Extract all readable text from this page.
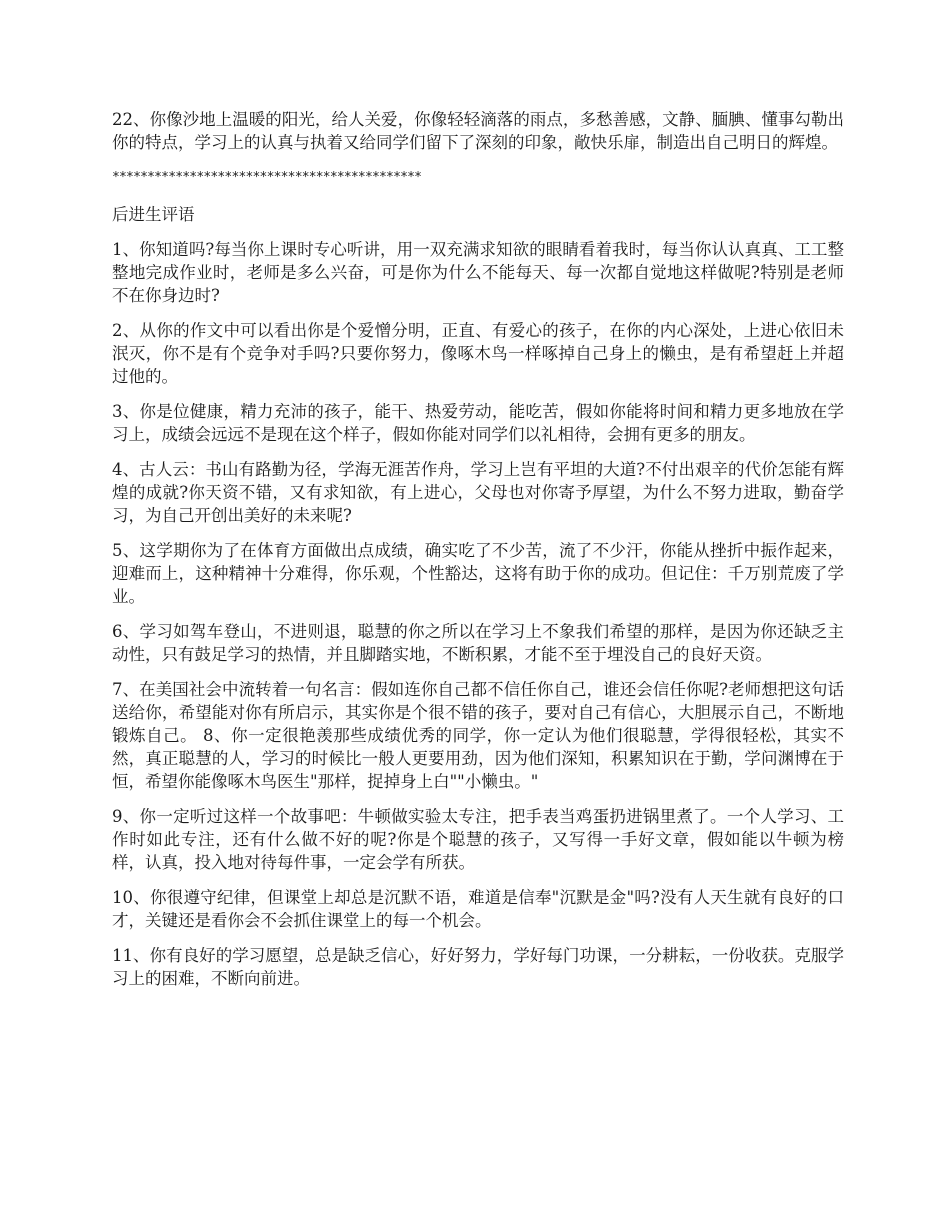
22、你像沙地上温暖的阳光，给人关爱，你像轻轻滴落的雨点，多愁善感，文静、腼腆、懂事勾勒出你的特点，学习上的认真与执着又给同学们留下了深刻的印象，敞快乐扉，制造出自己明日的辉煌。

********************************************

后进生评语

1、你知道吗?每当你上课时专心听讲，用一双充满求知欲的眼睛看着我时，每当你认认真真、工工整整地完成作业时，老师是多么兴奋，可是你为什么不能每天、每一次都自觉地这样做呢?特别是老师不在你身边时?

2、从你的作文中可以看出你是个爱憎分明，正直、有爱心的孩子，在你的内心深处，上进心依旧未泯灭，你不是有个竞争对手吗?只要你努力，像啄木鸟一样啄掉自己身上的懒虫，是有希望赶上并超过他的。

3、你是位健康，精力充沛的孩子，能干、热爱劳动，能吃苦，假如你能将时间和精力更多地放在学习上，成绩会远远不是现在这个样子，假如你能对同学们以礼相待，会拥有更多的朋友。

4、古人云：书山有路勤为径，学海无涯苦作舟，学习上岂有平坦的大道?不付出艰辛的代价怎能有辉煌的成就?你天资不错，又有求知欲，有上进心，父母也对你寄予厚望，为什么不努力进取，勤奋学习，为自己开创出美好的未来呢?

5、这学期你为了在体育方面做出点成绩，确实吃了不少苦，流了不少汗，你能从挫折中振作起来，迎难而上，这种精神十分难得，你乐观，个性豁达，这将有助于你的成功。但记住：千万别荒废了学业。

6、学习如驾车登山，不进则退，聪慧的你之所以在学习上不象我们希望的那样，是因为你还缺乏主动性，只有鼓足学习的热情，并且脚踏实地，不断积累，才能不至于埋没自己的良好天资。

7、在美国社会中流转着一句名言：假如连你自己都不信任你自己，谁还会信任你呢?老师想把这句话送给你，希望能对你有所启示，其实你是个很不错的孩子，要对自己有信心，大胆展示自己，不断地锻炼自己。 8、你一定很艳羡那些成绩优秀的同学，你一定认为他们很聪慧，学得很轻松，其实不然，真正聪慧的人，学习的时候比一般人更要用劲，因为他们深知，积累知识在于勤，学问渊博在于恒，希望你能像啄木鸟医生"那样，捉掉身上白""小懒虫。"

9、你一定听过这样一个故事吧：牛顿做实验太专注，把手表当鸡蛋扔进锅里煮了。一个人学习、工作时如此专注，还有什么做不好的呢?你是个聪慧的孩子，又写得一手好文章，假如能以牛顿为榜样，认真，投入地对待每件事，一定会学有所获。

10、你很遵守纪律，但课堂上却总是沉默不语，难道是信奉"沉默是金"吗?没有人天生就有良好的口才，关键还是看你会不会抓住课堂上的每一个机会。

11、你有良好的学习愿望，总是缺乏信心，好好努力，学好每门功课，一分耕耘，一份收获。克服学习上的困难，不断向前进。
